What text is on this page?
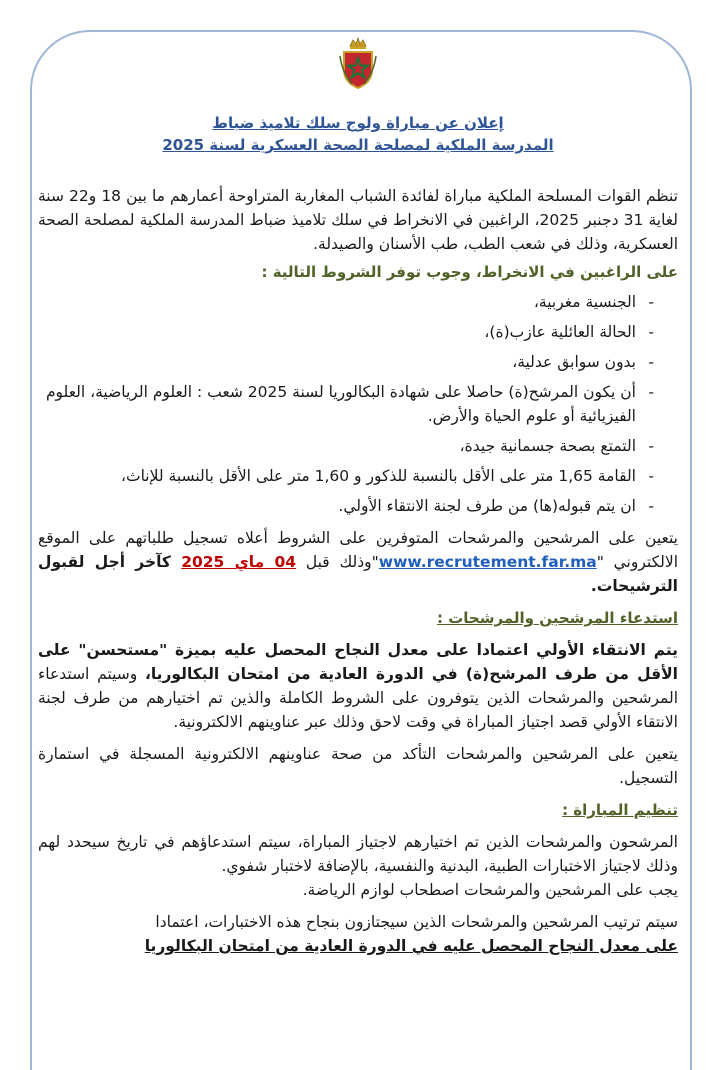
إعلان عن مباراة ولوج سلك تلاميذ ضباط
المدرسة الملكية لمصلحة الصحة العسكرية لسنة 2025

تنظم القوات المسلحة الملكية مباراة لفائدة الشباب المغاربة المتراوحة أعمارهم ما بين 18 و22 سنة لغاية 31 دجنبر 2025، الراغبين في الانخراط في سلك تلاميذ ضباط المدرسة الملكية لمصلحة الصحة العسكرية، وذلك في شعب الطب، طب الأسنان والصيدلة.

على الراغبين في الانخراط، وجوب توفر الشروط التالية :

-
الجنسية مغربية،
-
الحالة العائلية عازب(ة)،
-
بدون سوابق عدلية،
-
أن يكون المرشح(ة) حاصلا على شهادة البكالوريا لسنة 2025 شعب : العلوم الرياضية، العلوم الفيزيائية أو علوم الحياة والأرض.
-
التمتع بصحة جسمانية جيدة،
-
القامة 1,65 متر على الأقل بالنسبة للذكور و 1,60 متر على الأقل بالنسبة للإناث،
-
ان يتم قبوله(ها) من طرف لجنة الانتقاء الأولي.

يتعين على المرشحين والمرشحات المتوفرين على الشروط أعلاه تسجيل طلباتهم على الموقع الالكتروني "www.recrutement.far.ma"وذلك قبل 04 ماي 2025 كآخر أجل لقبول الترشيحات.

استدعاء المرشحين والمرشحات :

يتم الانتقاء الأولي اعتمادا على معدل النجاح المحصل عليه بميزة "مستحسن" على الأقل من طرف المرشح(ة) في الدورة العادية من امتحان البكالوريا، وسيتم استدعاء المرشحين والمرشحات الذين يتوفرون على الشروط الكاملة والذين تم اختيارهم من طرف لجنة الانتقاء الأولي قصد اجتياز المباراة في وقت لاحق وذلك عبر عناوينهم الالكترونية.

يتعين على المرشحين والمرشحات التأكد من صحة عناوينهم الالكترونية المسجلة في استمارة التسجيل.

تنظيم المباراة :

المرشحون والمرشحات الذين تم اختيارهم لاجتياز المباراة، سيتم استدعاؤهم في تاريخ سيحدد لهم وذلك لاجتياز الاختبارات الطبية، البدنية والنفسية، بالإضافة لاختبار شفوي.

يجب على المرشحين والمرشحات اصطحاب لوازم الرياضة.

سيتم ترتيب المرشحين والمرشحات الذين سيجتازون بنجاح هذه الاختبارات، اعتمادا

على معدل النجاح المحصل عليه في الدورة العادية من امتحان البكالوريا
